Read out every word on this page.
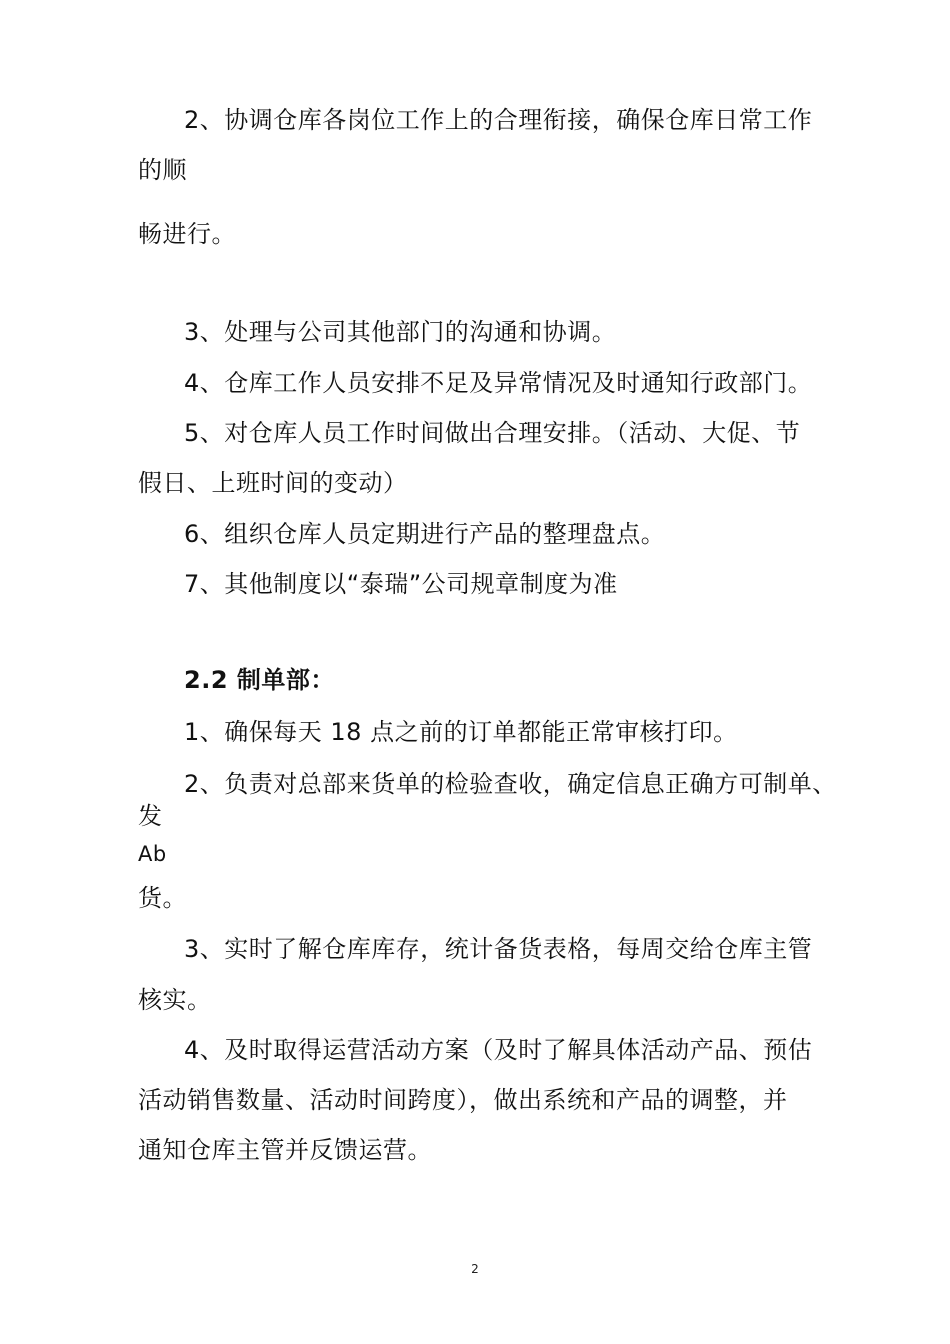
2、协调仓库各岗位工作上的合理衔接，确保仓库日常工作
的顺
畅进行。
3、处理与公司其他部门的沟通和协调。
4、仓库工作人员安排不足及异常情况及时通知行政部门。
5、对仓库人员工作时间做出合理安排。（活动、大促、节
假日、上班时间的变动）
6、组织仓库人员定期进行产品的整理盘点。
7、其他制度以“泰瑞”公司规章制度为准
2.2 制单部：
1、确保每天 18 点之前的订单都能正常审核打印。
2、负责对总部来货单的检验查收，确定信息正确方可制单、
发
Ab
货。
3、实时了解仓库库存，统计备货表格，每周交给仓库主管
核实。
4、及时取得运营活动方案（及时了解具体活动产品、预估
活动销售数量、活动时间跨度），做出系统和产品的调整，并
通知仓库主管并反馈运营。
2
